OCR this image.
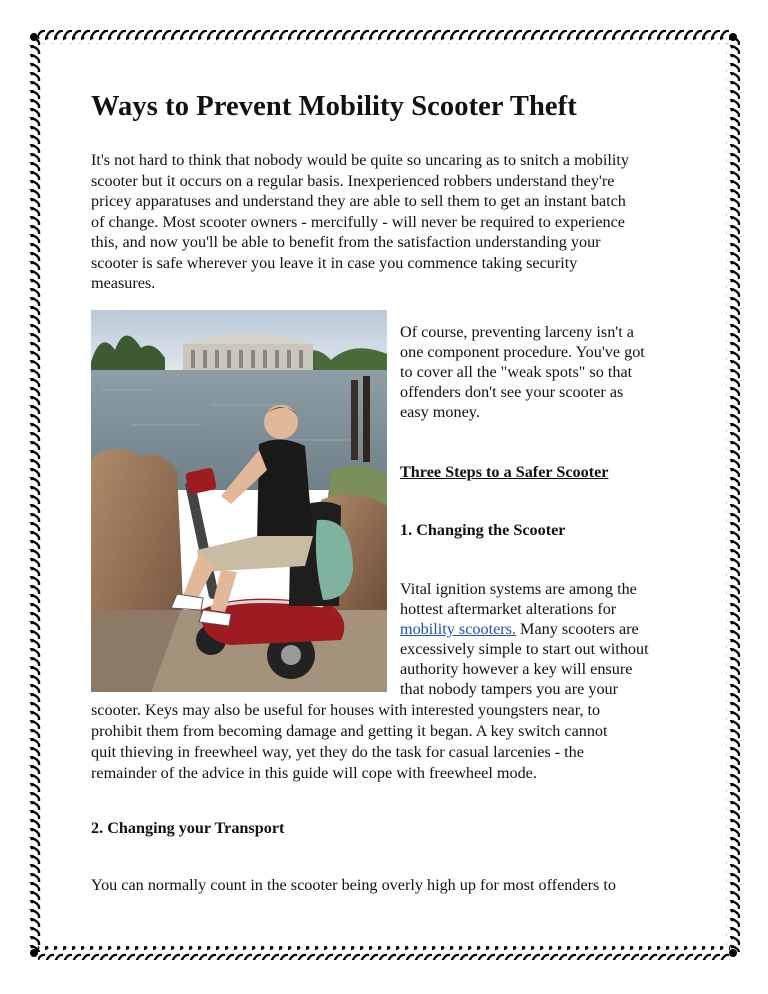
Ways to Prevent Mobility Scooter Theft

It's not hard to think that nobody would be quite so uncaring as to snitch a mobility
scooter but it occurs on a regular basis. Inexperienced robbers understand they're
pricey apparatuses and understand they are able to sell them to get an instant batch
of change. Most scooter owners - mercifully - will never be required to experience
this, and now you'll be able to benefit from the satisfaction understanding your
scooter is safe wherever you leave it in case you commence taking security
measures.

Of course, preventing larceny isn't a
one component procedure. You've got
to cover all the "weak spots" so that
offenders don't see your scooter as
easy money.
Three Steps to a Safer Scooter
1. Changing the Scooter
Vital ignition systems are among the
hottest aftermarket alterations for
mobility scooters. Many scooters are
excessively simple to start out without
authority however a key will ensure
that nobody tampers you are your
scooter. Keys may also be useful for houses with interested youngsters near, to
prohibit them from becoming damage and getting it began. A key switch cannot
quit thieving in freewheel way, yet they do the task for casual larcenies - the
remainder of the advice in this guide will cope with freewheel mode.
2. Changing your Transport
You can normally count in the scooter being overly high up for most offenders to
